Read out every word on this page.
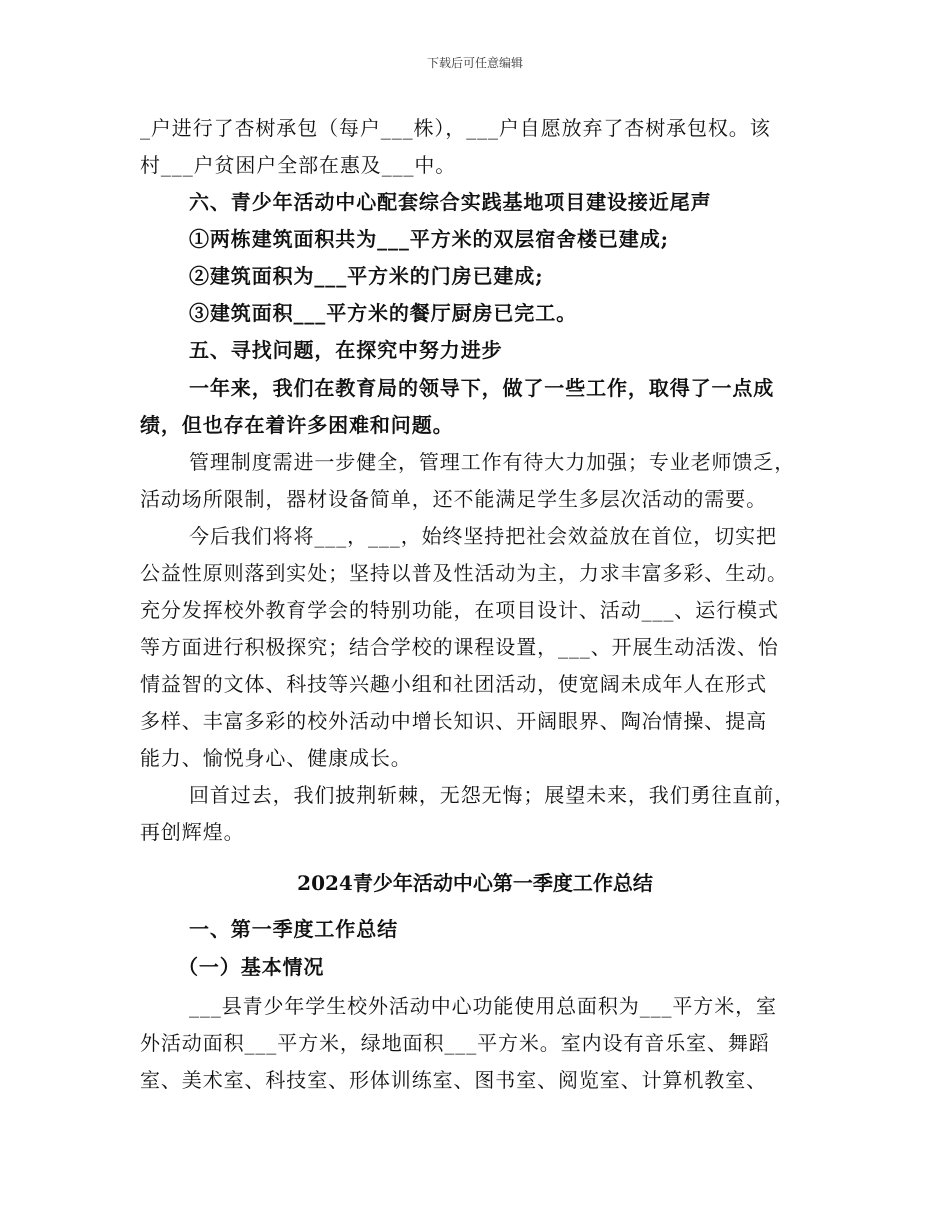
下载后可任意编辑
_户进行了杏树承包（每户___株），___户自愿放弃了杏树承包权。该
村___户贫困户全部在惠及___中。
六、青少年活动中心配套综合实践基地项目建设接近尾声
①两栋建筑面积共为___平方米的双层宿舍楼已建成;
②建筑面积为___平方米的门房已建成;
③建筑面积___平方米的餐厅厨房已完工。
五、寻找问题，在探究中努力进步
一年来，我们在教育局的领导下，做了一些工作，取得了一点成
绩，但也存在着许多困难和问题。
管理制度需进一步健全，管理工作有待大力加强；专业老师馈乏，
活动场所限制，器材设备简单，还不能满足学生多层次活动的需要。
今后我们将将___，___，始终坚持把社会效益放在首位，切实把
公益性原则落到实处；坚持以普及性活动为主，力求丰富多彩、生动。
充分发挥校外教育学会的特别功能，在项目设计、活动___、运行模式
等方面进行积极探究；结合学校的课程设置，___、开展生动活泼、怡
情益智的文体、科技等兴趣小组和社团活动，使宽阔未成年人在形式
多样、丰富多彩的校外活动中增长知识、开阔眼界、陶冶情操、提高
能力、愉悦身心、健康成长。
回首过去，我们披荆斩棘，无怨无悔；展望未来，我们勇往直前，
再创辉煌。
2024青少年活动中心第一季度工作总结
一、第一季度工作总结
（一）基本情况
___县青少年学生校外活动中心功能使用总面积为___平方米，室
外活动面积___平方米，绿地面积___平方米。室内设有音乐室、舞蹈
室、美术室、科技室、形体训练室、图书室、阅览室、计算机教室、
